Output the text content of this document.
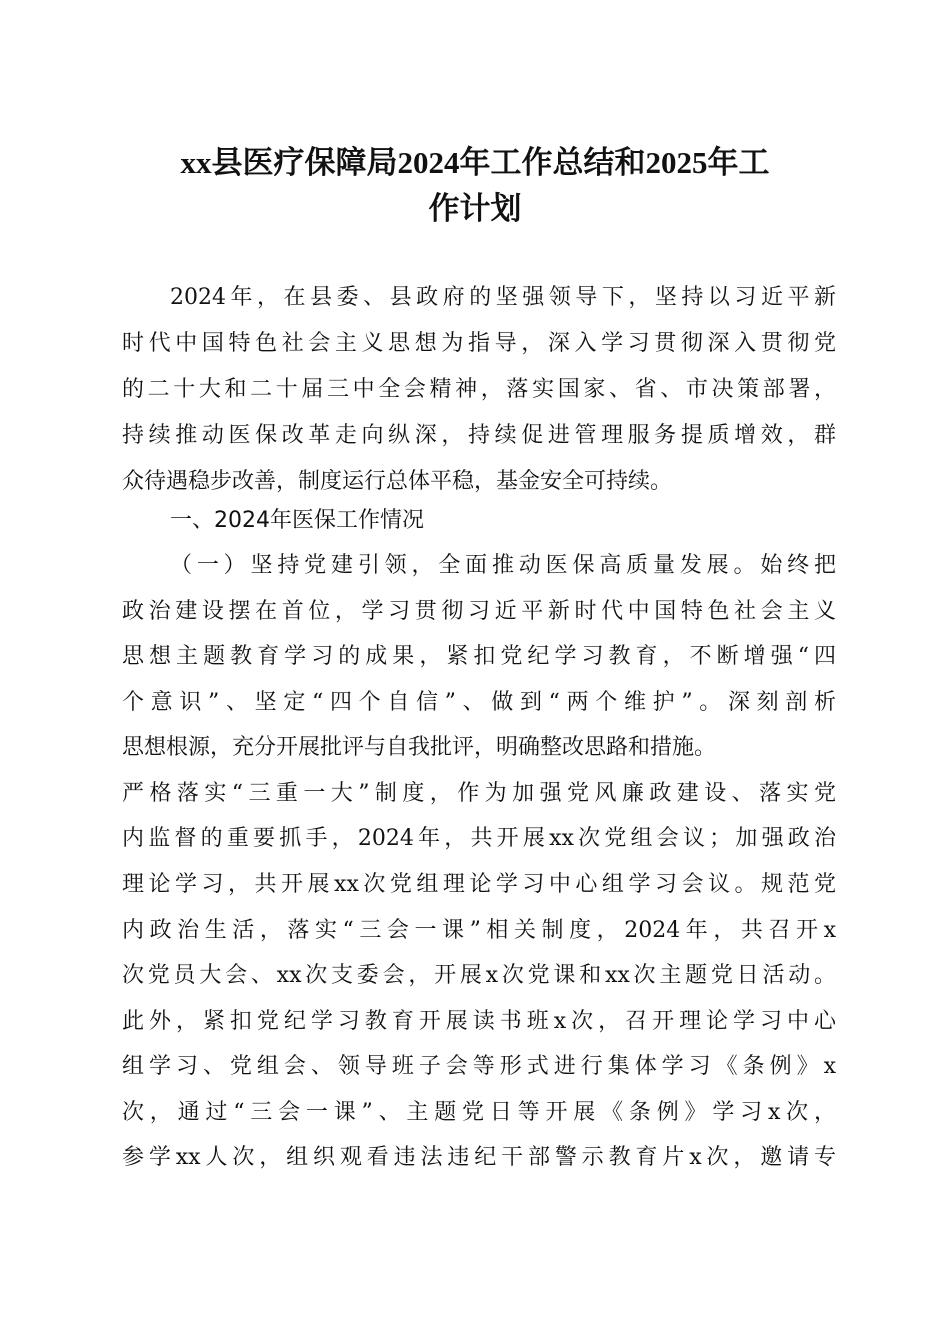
xx县医疗保障局2024年工作总结和2025年工
作计划
2024年，在县委、县政府的坚强领导下，坚持以习近平新
时代中国特色社会主义思想为指导，深入学习贯彻深入贯彻党
的二十大和二十届三中全会精神，落实国家、省、市决策部署，
持续推动医保改革走向纵深，持续促进管理服务提质增效，群
众待遇稳步改善，制度运行总体平稳，基金安全可持续。
一、2024年医保工作情况
（一）坚持党建引领，全面推动医保高质量发展。始终把
政治建设摆在首位，学习贯彻习近平新时代中国特色社会主义
思想主题教育学习的成果，紧扣党纪学习教育，不断增强“四
个意识”、坚定“四个自信”、做到“两个维护”。深刻剖析
思想根源，充分开展批评与自我批评，明确整改思路和措施。
严格落实“三重一大”制度，作为加强党风廉政建设、落实党
内监督的重要抓手，2024年，共开展xx次党组会议；加强政治
理论学习，共开展xx次党组理论学习中心组学习会议。规范党
内政治生活，落实“三会一课”相关制度，2024年，共召开x
次党员大会、xx次支委会，开展x次党课和xx次主题党日活动。
此外，紧扣党纪学习教育开展读书班x次，召开理论学习中心
组学习、党组会、领导班子会等形式进行集体学习《条例》x
次，通过“三会一课”、主题党日等开展《条例》学习x次，
参学xx人次，组织观看违法违纪干部警示教育片x次，邀请专
